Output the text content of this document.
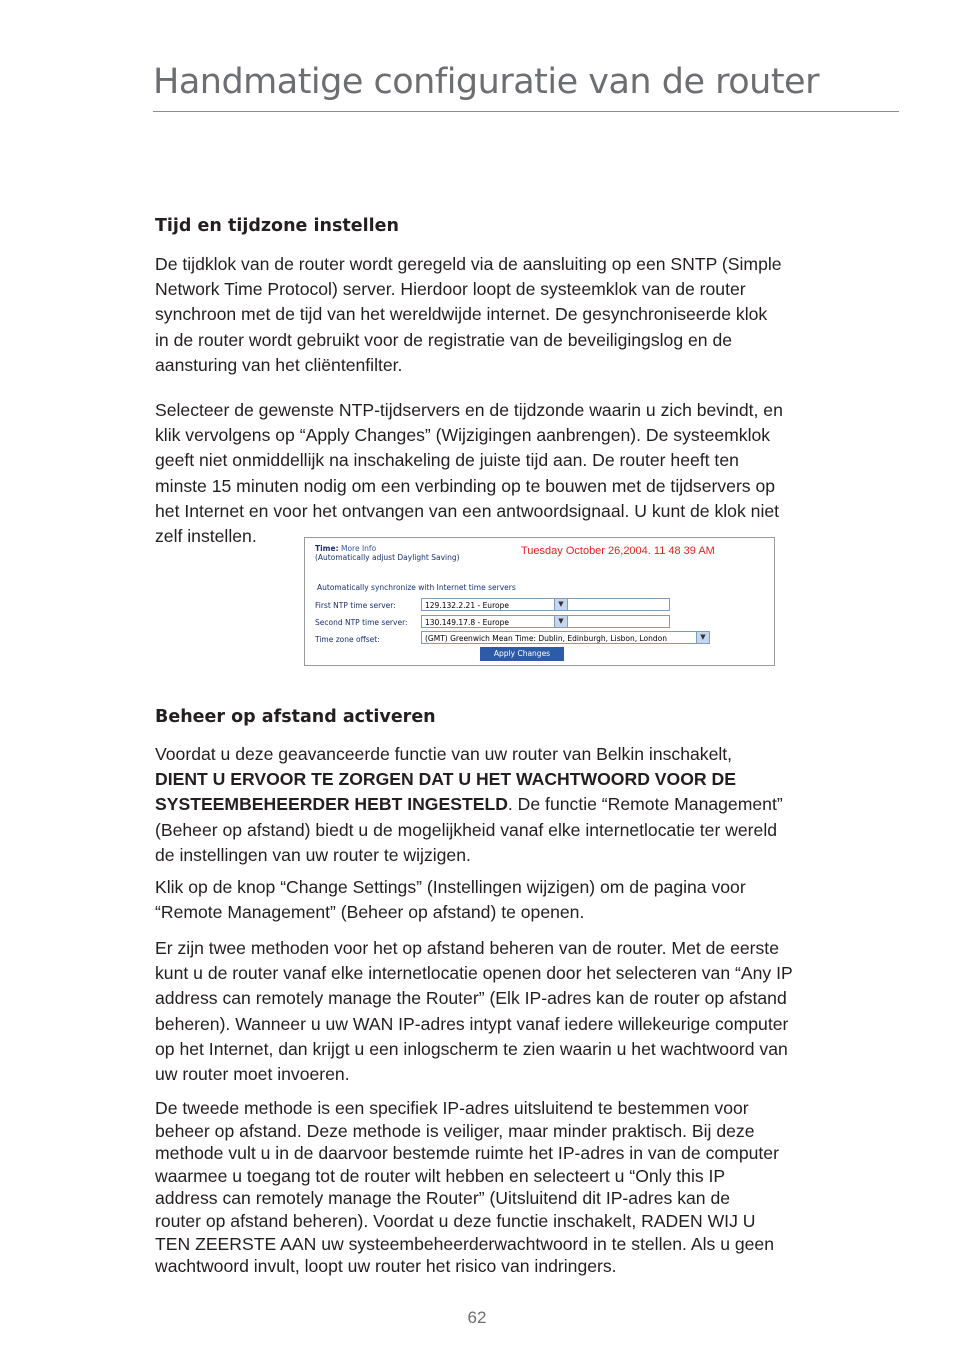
Handmatige configuratie van de router
Tijd en tijdzone instellen
De tijdklok van de router wordt geregeld via de aansluiting op een SNTP (Simple
Network Time Protocol) server. Hierdoor loopt de systeemklok van de router
synchroon met de tijd van het wereldwijde internet. De gesynchroniseerde klok
in de router wordt gebruikt voor de registratie van de beveiligingslog en de
aansturing van het cliëntenfilter.
Selecteer de gewenste NTP-tijdservers en de tijdzonde waarin u zich bevindt, en
klik vervolgens op “Apply Changes” (Wijzigingen aanbrengen). De systeemklok
geeft niet onmiddellijk na inschakeling de juiste tijd aan. De router heeft ten
minste 15 minuten nodig om een verbinding op te bouwen met de tijdservers op
het Internet en voor het ontvangen van een antwoordsignaal. U kunt de klok niet
zelf instellen.
Time: More Info
(Automatically adjust Daylight Saving)
Tuesday October 26,2004. 11 48 39 AM
Automatically synchronize with Internet time servers
First NTP time server:	129.132.2.21 - Europe	▼
Second NTP time server:	130.149.17.8 - Europe	▼
Time zone offset:	(GMT) Greenwich Mean Time: Dublin, Edinburgh, Lisbon, London	▼
Apply Changes
Beheer op afstand activeren
Voordat u deze geavanceerde functie van uw router van Belkin inschakelt,
DIENT U ERVOOR TE ZORGEN DAT U HET WACHTWOORD VOOR DE
SYSTEEMBEHEERDER HEBT INGESTELD. De functie “Remote Management”
(Beheer op afstand) biedt u de mogelijkheid vanaf elke internetlocatie ter wereld
de instellingen van uw router te wijzigen.
Klik op de knop “Change Settings” (Instellingen wijzigen) om de pagina voor
“Remote Management” (Beheer op afstand) te openen.
Er zijn twee methoden voor het op afstand beheren van de router. Met de eerste
kunt u de router vanaf elke internetlocatie openen door het selecteren van “Any IP
address can remotely manage the Router” (Elk IP-adres kan de router op afstand
beheren). Wanneer u uw WAN IP-adres intypt vanaf iedere willekeurige computer
op het Internet, dan krijgt u een inlogscherm te zien waarin u het wachtwoord van
uw router moet invoeren.
De tweede methode is een specifiek IP-adres uitsluitend te bestemmen voor
beheer op afstand. Deze methode is veiliger, maar minder praktisch. Bij deze
methode vult u in de daarvoor bestemde ruimte het IP-adres in van de computer
waarmee u toegang tot de router wilt hebben en selecteert u “Only this IP
address can remotely manage the Router” (Uitsluitend dit IP-adres kan de
router op afstand beheren). Voordat u deze functie inschakelt, RADEN WIJ U
TEN ZEERSTE AAN uw systeembeheerderwachtwoord in te stellen. Als u geen
wachtwoord invult, loopt uw router het risico van indringers.

62
